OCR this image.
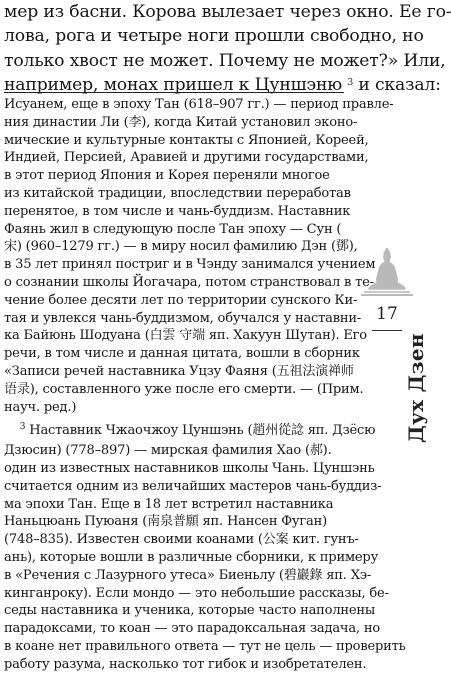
мер из басни. Корова вылезает через окно. Ее го-
лова, рога и четыре ноги прошли свободно, но
только хвост не может. Почему не может?» Или,
например, монах пришел к Цуншэню $^3$ и сказал:
Исуанем, еще в эпоху Тан (618–907 гг.) — период правле-
ния династии Ли (李), когда Китай установил эконо-
мические и культурные контакты с Японией, Кореей,
Индией, Персией, Аравией и другими государствами,
в этот период Япония и Корея переняли многое
из китайской традиции, впоследствии переработав
перенятое, в том числе и чань-буддизм. Наставник
Фаянь жил в следующую после Тан эпоху — Сун (
宋) (960–1279 гг.) — в миру носил фамилию Дэн (鄧),
в 35 лет принял постриг и в Чэнду занимался учением
о сознании школы Йогачара, потом странствовал в те-
чение более десяти лет по территории сунского Ки-
тая и увлекся чань-буддизмом, обучался у наставни-
ка Байюнь Шодуана (白雲 守端 яп. Хакуун Шутан). Его
речи, в том числе и данная цитата, вошли в сборник
«Записи речей наставника Уцзу Фаяня (五祖法演禅师
语录), составленного уже после его смерти. — (Прим.
науч. ред.)
$^3$ Наставник Чжаочжоу Цуншэнь (趙州從諗 яп. Дзёсю
Дзюсин) (778–897) — мирская фамилия Хао (郝).
один из известных наставников школы Чань. Цуншэнь
считается одним из величайших мастеров чань-буддиз-
ма эпохи Тан. Еще в 18 лет встретил наставника
Наньцюань Пуюаня (南泉普願 яп. Нансен Фуган)
(748–835). Известен своими коанами (公案 кит. гунъ-
ань), которые вошли в различные сборники, к примеру
в «Речения с Лазурного утеса» Биеньлу (碧巖錄 яп. Хэ-
кинганроку). Если мондо — это небольшие рассказы, бе-
седы наставника и ученика, которые часто наполнены
парадоксами, то коан — это парадоксальная задача, но
в коане нет правильного ответа — тут не цель — проверить
работу разума, насколько тот гибок и изобретателен.
17
Дух Дзен
